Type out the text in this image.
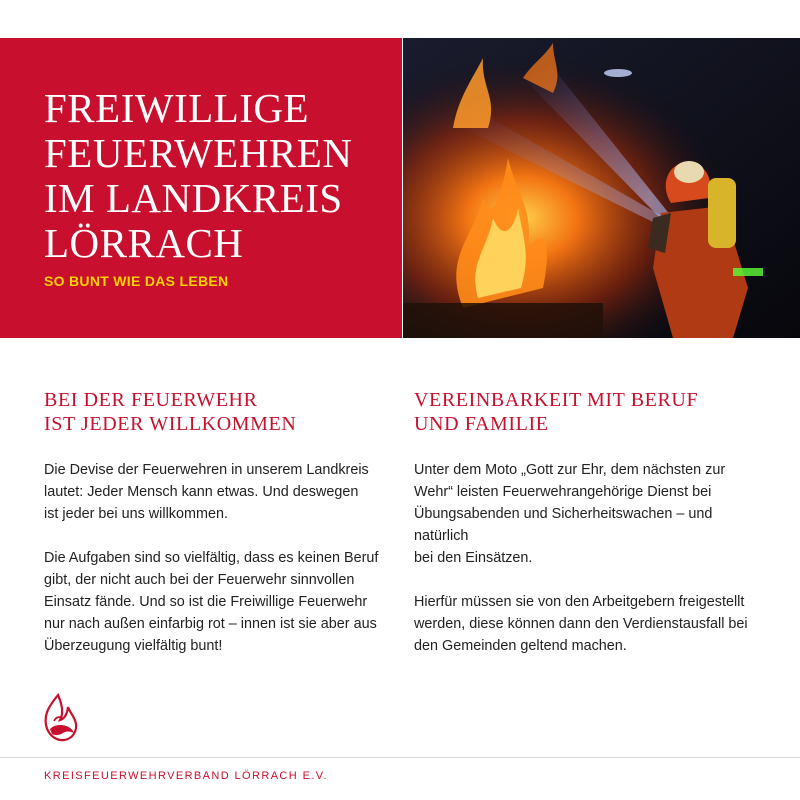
FREIWILLIGE
FEUERWEHREN
IM LANDKREIS
LÖRRACH
SO BUNT WIE DAS LEBEN
BEI DER FEUERWEHR
IST JEDER WILLKOMMEN

Die Devise der Feuerwehren in unserem Landkreis
lautet: Jeder Mensch kann etwas. Und deswegen
ist jeder bei uns willkommen.

Die Aufgaben sind so vielfältig, dass es keinen Beruf
gibt, der nicht auch bei der Feuerwehr sinnvollen
Einsatz fände. Und so ist die Freiwillige Feuerwehr
nur nach außen einfarbig rot – innen ist sie aber aus
Überzeugung vielfältig bunt!

VEREINBARKEIT MIT BERUF
UND FAMILIE

Unter dem Moto „Gott zur Ehr, dem nächsten zur
Wehr“ leisten Feuerwehrangehörige Dienst bei
Übungsabenden und Sicherheitswachen – und natürlich
bei den Einsätzen.

Hierfür müssen sie von den Arbeitgebern freigestellt
werden, diese können dann den Verdienstausfall bei
den Gemeinden geltend machen.

KREISFEUERWEHRVERBAND LÖRRACH E.V.
